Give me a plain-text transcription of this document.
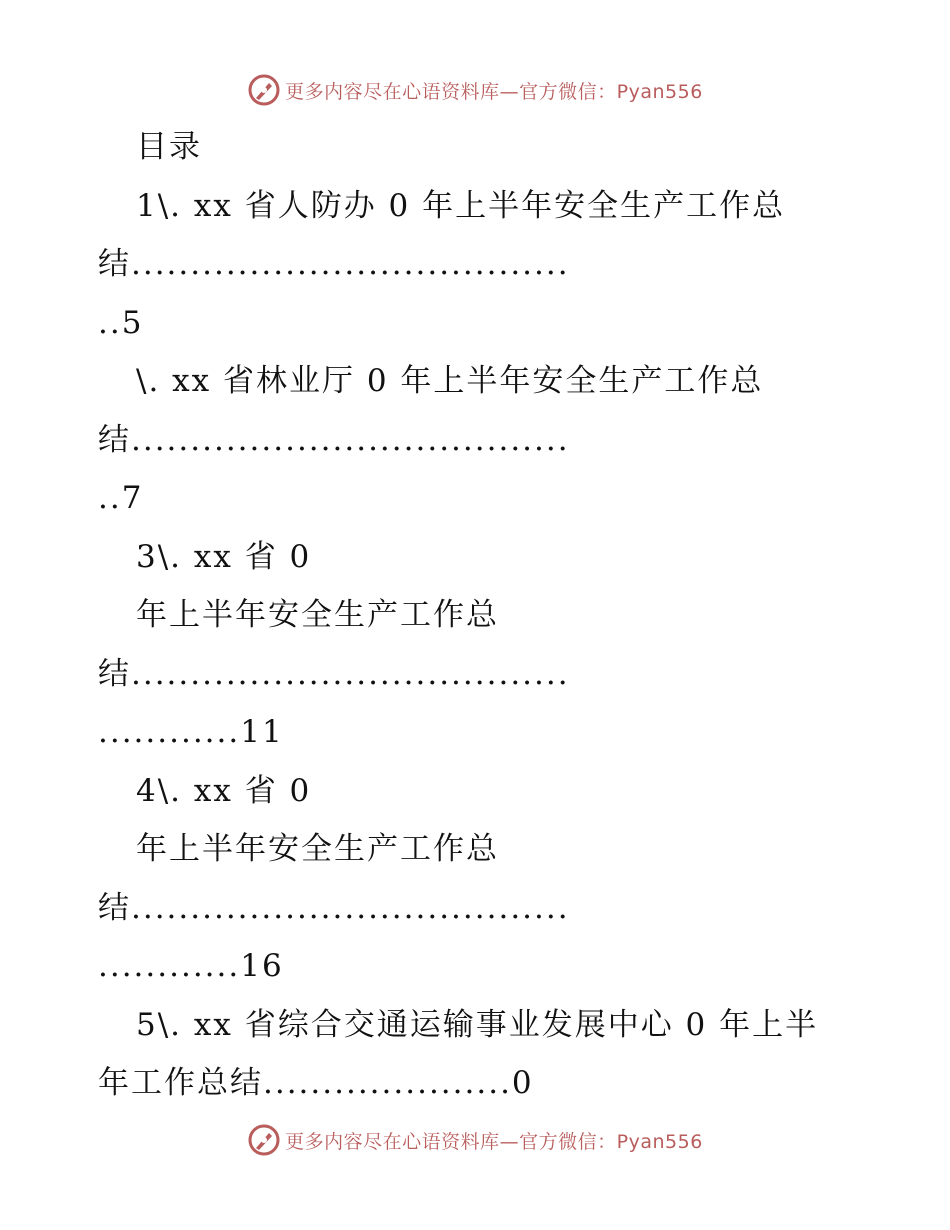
更多内容尽在心语资料库—官方微信：Pyan556
目录
1\. xx 省人防办 0 年上半年安全生产工作总
结.....................................
..5
\. xx 省林业厅 0 年上半年安全生产工作总
结.....................................
..7
3\. xx 省 0
年上半年安全生产工作总
结.....................................
............11
4\. xx 省 0
年上半年安全生产工作总
结.....................................
............16
5\. xx 省综合交通运输事业发展中心 0 年上半
年工作总结.....................0
更多内容尽在心语资料库—官方微信：Pyan556
